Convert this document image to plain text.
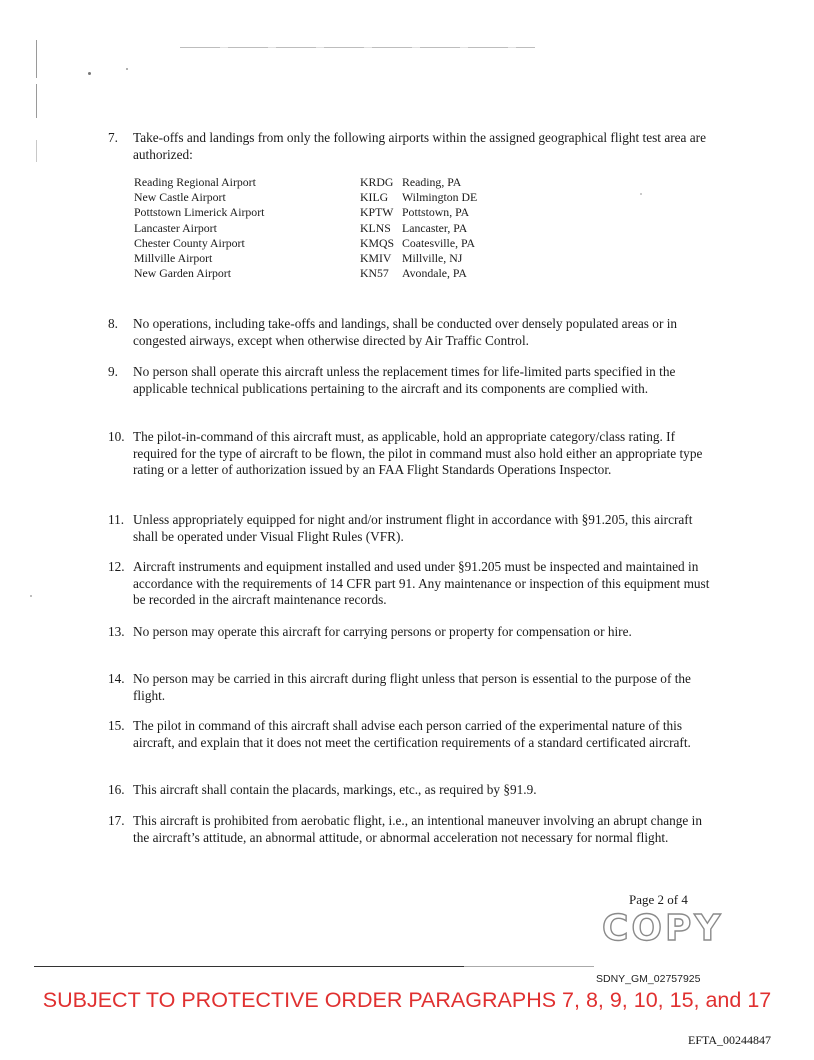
7. Take-offs and landings from only the following airports within the assigned geographical flight test area are authorized:
Reading Regional Airport	KRDG Reading, PA
New Castle Airport	KILG	Wilmington DE
Pottstown Limerick Airport	KPTW Pottstown, PA
Lancaster Airport	KLNS Lancaster, PA
Chester County Airport	KMQS Coatesville, PA
Millville Airport	KMIV Millville, NJ
New Garden Airport	KN57	Avondale, PA
8. No operations, including take-offs and landings, shall be conducted over densely populated areas or in congested airways, except when otherwise directed by Air Traffic Control.
9. No person shall operate this aircraft unless the replacement times for life-limited parts specified in the applicable technical publications pertaining to the aircraft and its components are complied with.
10. The pilot-in-command of this aircraft must, as applicable, hold an appropriate category/class rating. If required for the type of aircraft to be flown, the pilot in command must also hold either an appropriate type rating or a letter of authorization issued by an FAA Flight Standards Operations Inspector.
11. Unless appropriately equipped for night and/or instrument flight in accordance with §91.205, this aircraft shall be operated under Visual Flight Rules (VFR).
12. Aircraft instruments and equipment installed and used under §91.205 must be inspected and maintained in accordance with the requirements of 14 CFR part 91. Any maintenance or inspection of this equipment must be recorded in the aircraft maintenance records.
13. No person may operate this aircraft for carrying persons or property for compensation or hire.
14. No person may be carried in this aircraft during flight unless that person is essential to the purpose of the flight.
15. The pilot in command of this aircraft shall advise each person carried of the experimental nature of this aircraft, and explain that it does not meet the certification requirements of a standard certificated aircraft.
16. This aircraft shall contain the placards, markings, etc., as required by §91.9.
17. This aircraft is prohibited from aerobatic flight, i.e., an intentional maneuver involving an abrupt change in the aircraft’s attitude, an abnormal attitude, or abnormal acceleration not necessary for normal flight.
Page 2 of 4
COPY
SDNY_GM_02757925
SUBJECT TO PROTECTIVE ORDER PARAGRAPHS 7, 8, 9, 10, 15, and 17
EFTA_00244847
